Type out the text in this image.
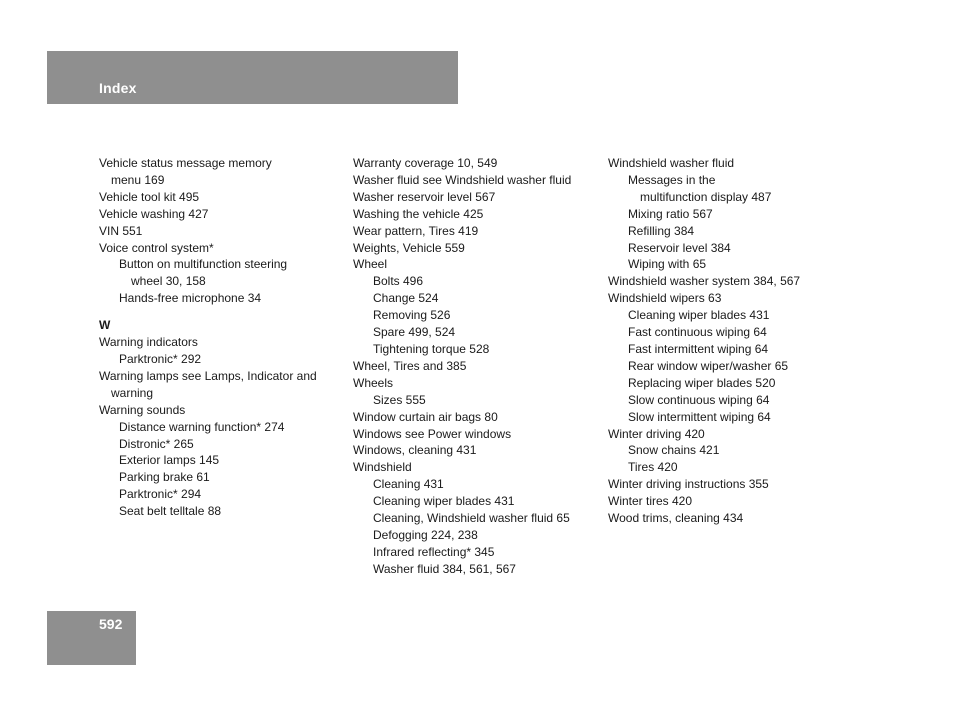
Index
Vehicle status message memory
menu 169
Vehicle tool kit 495
Vehicle washing 427
VIN 551
Voice control system*
Button on multifunction steering
wheel 30, 158
Hands-free microphone 34
W
Warning indicators
Parktronic* 292
Warning lamps see Lamps, Indicator and
warning
Warning sounds
Distance warning function* 274
Distronic* 265
Exterior lamps 145
Parking brake 61
Parktronic* 294
Seat belt telltale 88
Warranty coverage 10, 549
Washer fluid see Windshield washer fluid
Washer reservoir level 567
Washing the vehicle 425
Wear pattern, Tires 419
Weights, Vehicle 559
Wheel
Bolts 496
Change 524
Removing 526
Spare 499, 524
Tightening torque 528
Wheel, Tires and 385
Wheels
Sizes 555
Window curtain air bags 80
Windows see Power windows
Windows, cleaning 431
Windshield
Cleaning 431
Cleaning wiper blades 431
Cleaning, Windshield washer fluid 65
Defogging 224, 238
Infrared reflecting* 345
Washer fluid 384, 561, 567
Windshield washer fluid
Messages in the
multifunction display 487
Mixing ratio 567
Refilling 384
Reservoir level 384
Wiping with 65
Windshield washer system 384, 567
Windshield wipers 63
Cleaning wiper blades 431
Fast continuous wiping 64
Fast intermittent wiping 64
Rear window wiper/washer 65
Replacing wiper blades 520
Slow continuous wiping 64
Slow intermittent wiping 64
Winter driving 420
Snow chains 421
Tires 420
Winter driving instructions 355
Winter tires 420
Wood trims, cleaning 434
592
